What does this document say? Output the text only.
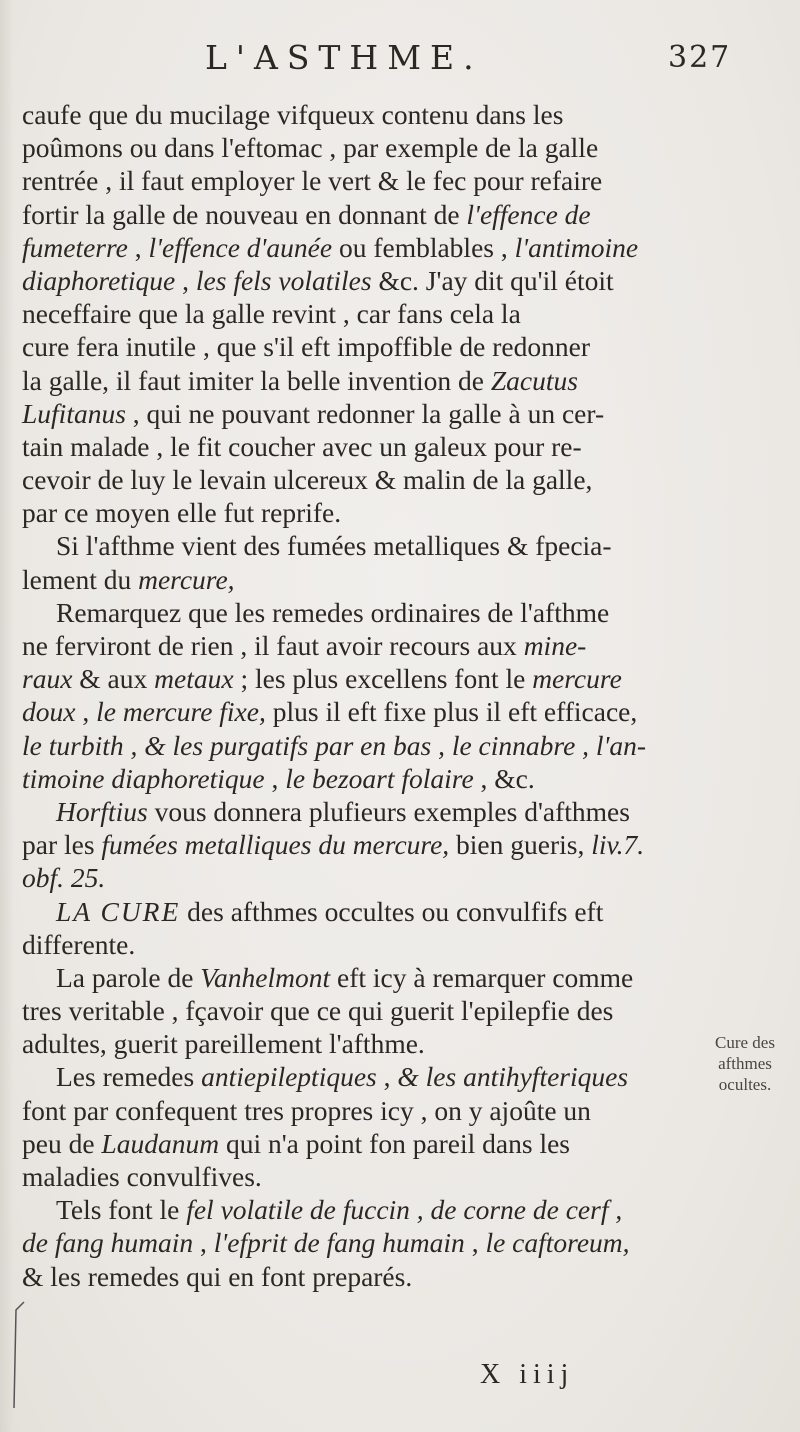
L'ASTHME.	327
caufe que du mucilage vifqueux contenu dans les
poûmons ou dans l'eftomac , par exemple de la galle
rentrée , il faut employer le vert & le fec pour refaire
fortir la galle de nouveau en donnant de l'effence de
fumeterre , l'effence d'aunée ou femblables , l'antimoine
diaphoretique , les fels volatiles &c. J'ay dit qu'il étoit
neceffaire que la galle revint , car fans cela la
cure fera inutile , que s'il eft impoffible de redonner
la galle, il faut imiter la belle invention de Zacutus
Lufitanus , qui ne pouvant redonner la galle à un cer-
tain malade , le fit coucher avec un galeux pour re-
cevoir de luy le levain ulcereux & malin de la galle,
par ce moyen elle fut reprife.
Si l'afthme vient des fumées metalliques & fpecia-
lement du mercure,
Remarquez que les remedes ordinaires de l'afthme
ne ferviront de rien , il faut avoir recours aux mine-
raux & aux metaux ; les plus excellens font le mercure
doux , le mercure fixe, plus il eft fixe plus il eft efficace,
le turbith , & les purgatifs par en bas , le cinnabre , l'an-
timoine diaphoretique , le bezoart folaire , &c.
Horftius vous donnera plufieurs exemples d'afthmes
par les fumées metalliques du mercure, bien gueris, liv.7.
obf. 25.
LA CURE des afthmes occultes ou convulfifs eft
differente.
La parole de Vanhelmont eft icy à remarquer comme
tres veritable , fçavoir que ce qui guerit l'epilepfie des
adultes, guerit pareillement l'afthme.
Les remedes antiepileptiques , & les antihyfteriques
font par confequent tres propres icy , on y ajoûte un
peu de Laudanum qui n'a point fon pareil dans les
maladies convulfives.
Tels font le fel volatile de fuccin , de corne de cerf ,
de fang humain , l'efprit de fang humain , le caftoreum,
& les remedes qui en font preparés.
Cure des
afthmes
ocultes.
X iiij
